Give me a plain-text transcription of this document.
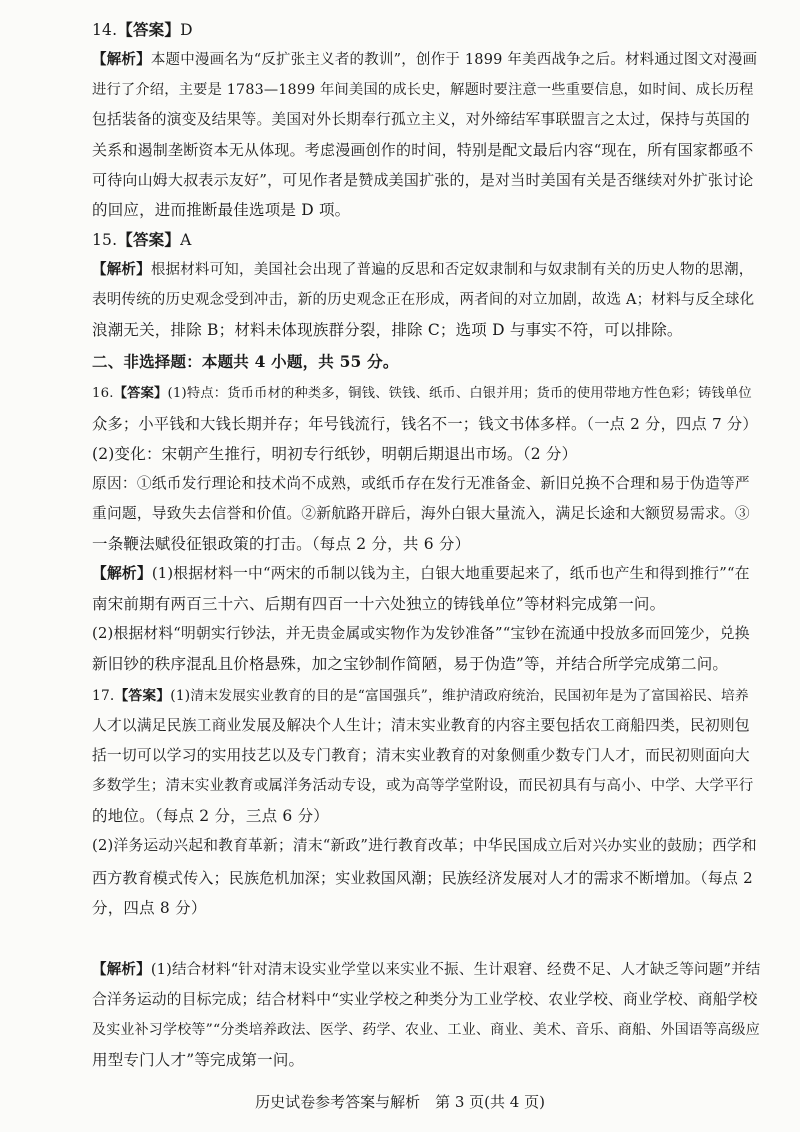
14.【答案】D
【解析】本题中漫画名为“反扩张主义者的教训”，创作于 1899 年美西战争之后。材料通过图文对漫画
进行了介绍，主要是 1783—1899 年间美国的成长史，解题时要注意一些重要信息，如时间、成长历程
包括装备的演变及结果等。美国对外长期奉行孤立主义，对外缔结军事联盟言之太过，保持与英国的
关系和遏制垄断资本无从体现。考虑漫画创作的时间，特别是配文最后内容“现在，所有国家都亟不
可待向山姆大叔表示友好”，可见作者是赞成美国扩张的，是对当时美国有关是否继续对外扩张讨论
的回应，进而推断最佳选项是 D 项。
15.【答案】A
【解析】根据材料可知，美国社会出现了普遍的反思和否定奴隶制和与奴隶制有关的历史人物的思潮，
表明传统的历史观念受到冲击，新的历史观念正在形成，两者间的对立加剧，故选 A；材料与反全球化
浪潮无关，排除 B；材料未体现族群分裂，排除 C；选项 D 与事实不符，可以排除。
二、非选择题：本题共 4 小题，共 55 分。
16.【答案】(1)特点：货币币材的种类多，铜钱、铁钱、纸币、白银并用；货币的使用带地方性色彩；铸钱单位
众多；小平钱和大钱长期并存；年号钱流行，钱名不一；钱文书体多样。（一点 2 分，四点 7 分）
(2)变化：宋朝产生推行，明初专行纸钞，明朝后期退出市场。（2 分）
原因：①纸币发行理论和技术尚不成熟，或纸币存在发行无准备金、新旧兑换不合理和易于伪造等严
重问题，导致失去信誉和价值。②新航路开辟后，海外白银大量流入，满足长途和大额贸易需求。③
一条鞭法赋役征银政策的打击。（每点 2 分，共 6 分）
【解析】(1)根据材料一中“两宋的币制以钱为主，白银大地重要起来了，纸币也产生和得到推行”“在
南宋前期有两百三十六、后期有四百一十六处独立的铸钱单位”等材料完成第一问。
(2)根据材料“明朝实行钞法，并无贵金属或实物作为发钞准备”“宝钞在流通中投放多而回笼少，兑换
新旧钞的秩序混乱且价格悬殊，加之宝钞制作简陋，易于伪造”等，并结合所学完成第二问。
17.【答案】(1)清末发展实业教育的目的是“富国强兵”，维护清政府统治，民国初年是为了富国裕民、培养
人才以满足民族工商业发展及解决个人生计；清末实业教育的内容主要包括农工商船四类，民初则包
括一切可以学习的实用技艺以及专门教育；清末实业教育的对象侧重少数专门人才，而民初则面向大
多数学生；清末实业教育或属洋务活动专设，或为高等学堂附设，而民初具有与高小、中学、大学平行
的地位。（每点 2 分，三点 6 分）
(2)洋务运动兴起和教育革新；清末“新政”进行教育改革；中华民国成立后对兴办实业的鼓励；西学和
西方教育模式传入；民族危机加深；实业救国风潮；民族经济发展对人才的需求不断增加。（每点 2
分，四点 8 分）
【解析】(1)结合材料“针对清末设实业学堂以来实业不振、生计艰窘、经费不足、人才缺乏等问题”并结
合洋务运动的目标完成；结合材料中“实业学校之种类分为工业学校、农业学校、商业学校、商船学校
及实业补习学校等”“分类培养政法、医学、药学、农业、工业、商业、美术、音乐、商船、外国语等高级应
用型专门人才”等完成第一问。
历史试卷参考答案与解析　第 3 页(共 4 页)
